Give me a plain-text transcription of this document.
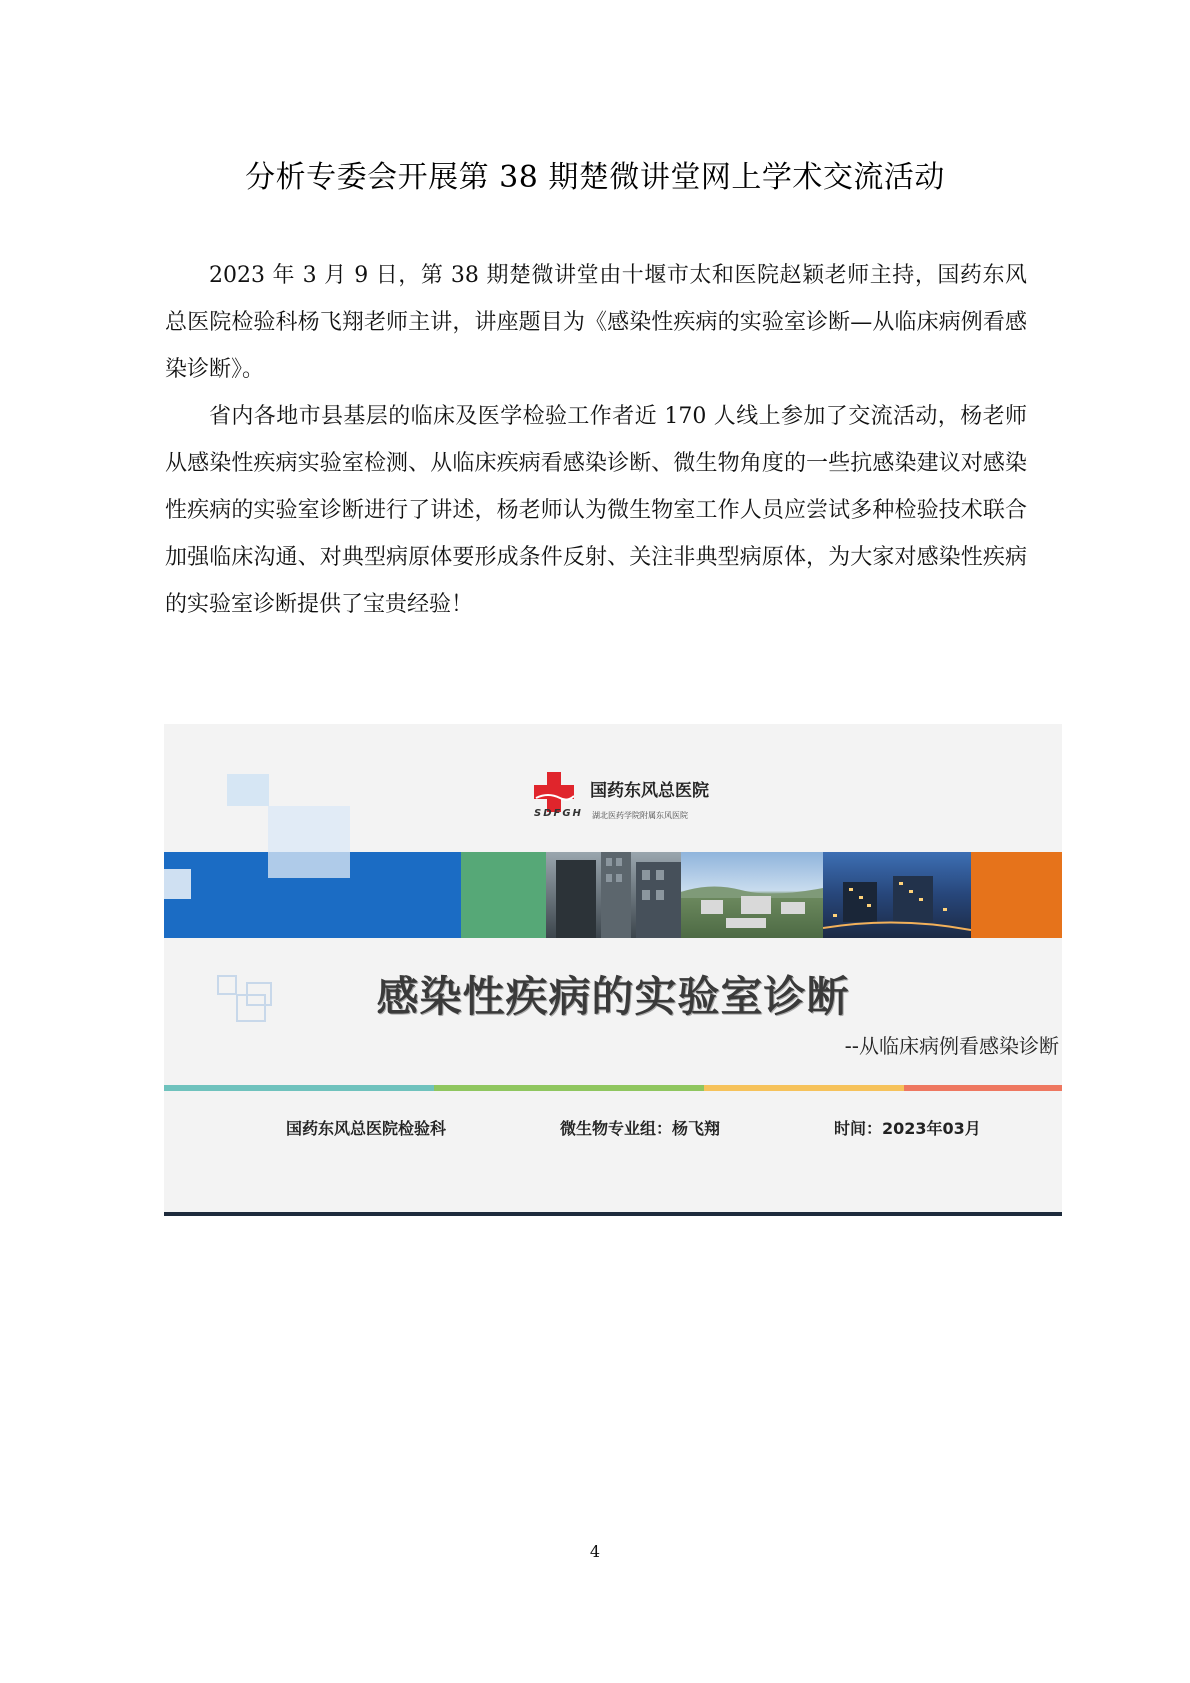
分析专委会开展第 38 期楚微讲堂网上学术交流活动

2023 年 3 月 9 日，第 38 期楚微讲堂由十堰市太和医院赵颖老师主持，国药东风总医院检验科杨飞翔老师主讲，讲座题目为《感染性疾病的实验室诊断—从临床病例看感染诊断》。

省内各地市县基层的临床及医学检验工作者近 170 人线上参加了交流活动，杨老师从感染性疾病实验室检测、从临床疾病看感染诊断、微生物角度的一些抗感染建议对感染性疾病的实验室诊断进行了讲述，杨老师认为微生物室工作人员应尝试多种检验技术联合加强临床沟通、对典型病原体要形成条件反射、关注非典型病原体，为大家对感染性疾病的实验室诊断提供了宝贵经验！

国药东风总医院
SDFGH 湖北医药学院附属东风医院
感染性疾病的实验室诊断
--从临床病例看感染诊断
国药东风总医院检验科	微生物专业组：杨飞翔	时间：2023年03月
4
